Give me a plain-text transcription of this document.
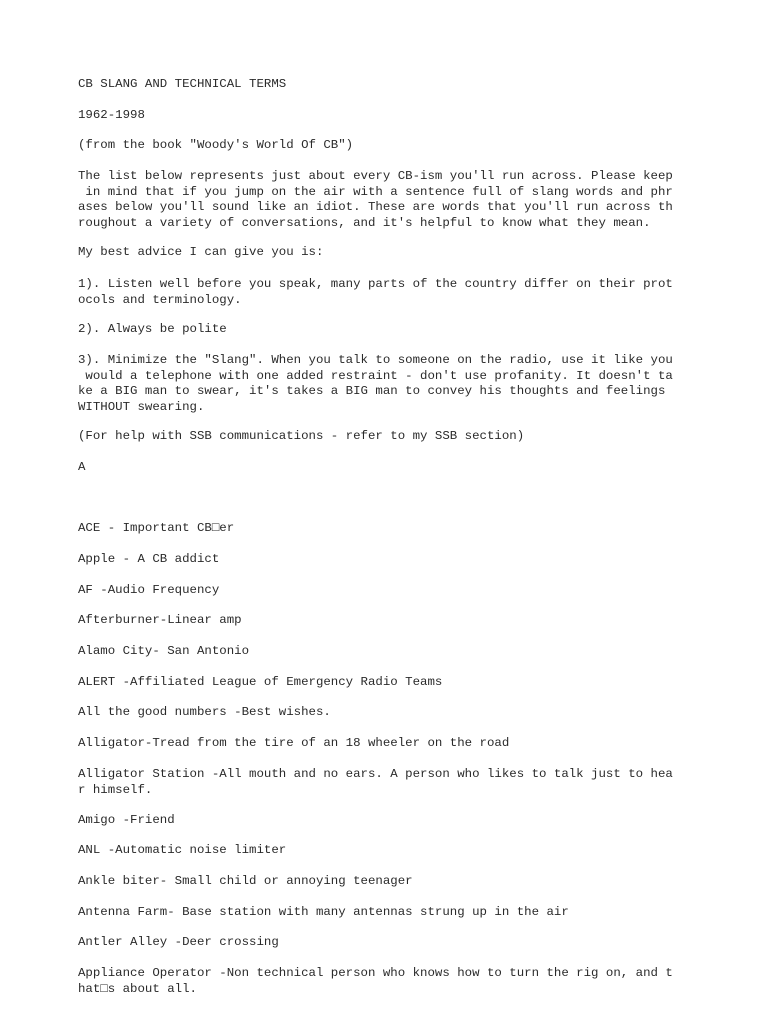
CB SLANG AND TECHNICAL TERMS

1962-1998

(from the book "Woody's World Of CB")

The list below represents just about every CB-ism you'll run across. Please keep
in mind that if you jump on the air with a sentence full of slang words and phr
ases below you'll sound like an idiot. These are words that you'll run across th
roughout a variety of conversations, and it's helpful to know what they mean.

My best advice I can give you is:

1). Listen well before you speak, many parts of the country differ on their prot
ocols and terminology.

2). Always be polite

3). Minimize the "Slang". When you talk to someone on the radio, use it like you
would a telephone with one added restraint - don't use profanity. It doesn't ta
ke a BIG man to swear, it's takes a BIG man to convey his thoughts and feelings
WITHOUT swearing.

(For help with SSB communications - refer to my SSB section)

A

ACE - Important CB□er

Apple - A CB addict

AF -Audio Frequency

Afterburner-Linear amp

Alamo City- San Antonio

ALERT -Affiliated League of Emergency Radio Teams

All the good numbers -Best wishes.

Alligator-Tread from the tire of an 18 wheeler on the road

Alligator Station -All mouth and no ears. A person who likes to talk just to hea
r himself.

Amigo -Friend

ANL -Automatic noise limiter

Ankle biter- Small child or annoying teenager

Antenna Farm- Base station with many antennas strung up in the air

Antler Alley -Deer crossing

Appliance Operator -Non technical person who knows how to turn the rig on, and t
hat□s about all.
